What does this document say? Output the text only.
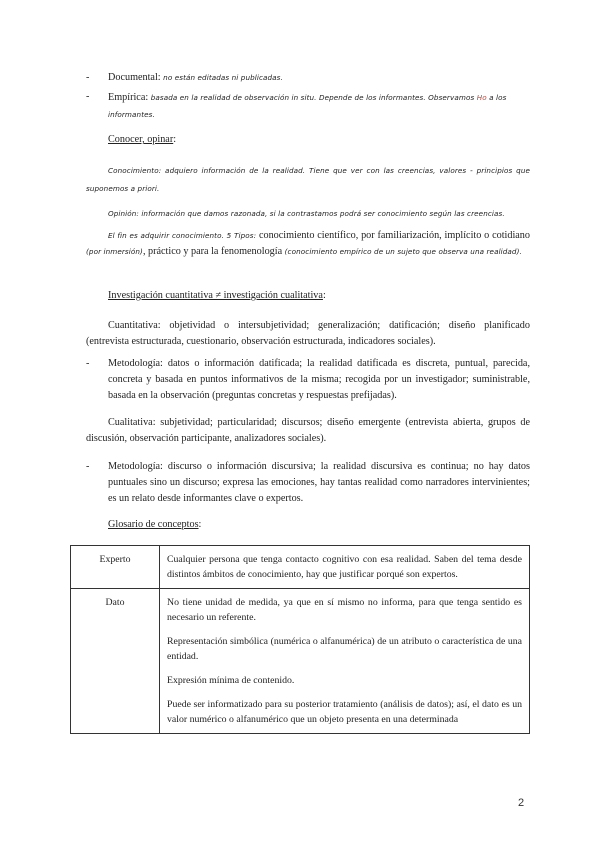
- Documental: no están editadas ni publicadas.
- Empírica: basada en la realidad de observación in situ. Depende de los informantes. Observamos Ho a los informantes.
Conocer, opinar:
Conocimiento: adquiero información de la realidad. Tiene que ver con las creencias, valores - principios que suponemos a priori.
Opinión: información que damos razonada, si la contrastamos podrá ser conocimiento según las creencias.
El fin es adquirir conocimiento. 5 Tipos: conocimiento científico, por familiarización, implícito o cotidiano (por inmersión), práctico y para la fenomenología (conocimiento empírico de un sujeto que observa una realidad).
Investigación cuantitativa ≠ investigación cualitativa:
Cuantitativa: objetividad o intersubjetividad; generalización; datificación; diseño planificado (entrevista estructurada, cuestionario, observación estructurada, indicadores sociales).
- Metodología: datos o información datificada; la realidad datificada es discreta, puntual, parecida, concreta y basada en puntos informativos de la misma; recogida por un investigador; suministrable, basada en la observación (preguntas concretas y respuestas prefijadas).
Cualitativa: subjetividad; particularidad; discursos; diseño emergente (entrevista abierta, grupos de discusión, observación participante, analizadores sociales).
- Metodología: discurso o información discursiva; la realidad discursiva es continua; no hay datos puntuales sino un discurso; expresa las emociones, hay tantas realidad como narradores intervinientes; es un relato desde informantes clave o expertos.
Glosario de conceptos:
Experto	Cualquier persona que tenga contacto cognitivo con esa realidad. Saben del tema desde distintos ámbitos de conocimiento, hay que justificar porqué son expertos.

Dato	No tiene unidad de medida, ya que en sí mismo no informa, para que tenga sentido es necesario un referente.

Representación simbólica (numérica o alfanumérica) de un atributo o característica de una entidad.

Expresión mínima de contenido.

Puede ser informatizado para su posterior tratamiento (análisis de datos); así, el dato es un valor numérico o alfanumérico que un objeto presenta en una determinada

2
